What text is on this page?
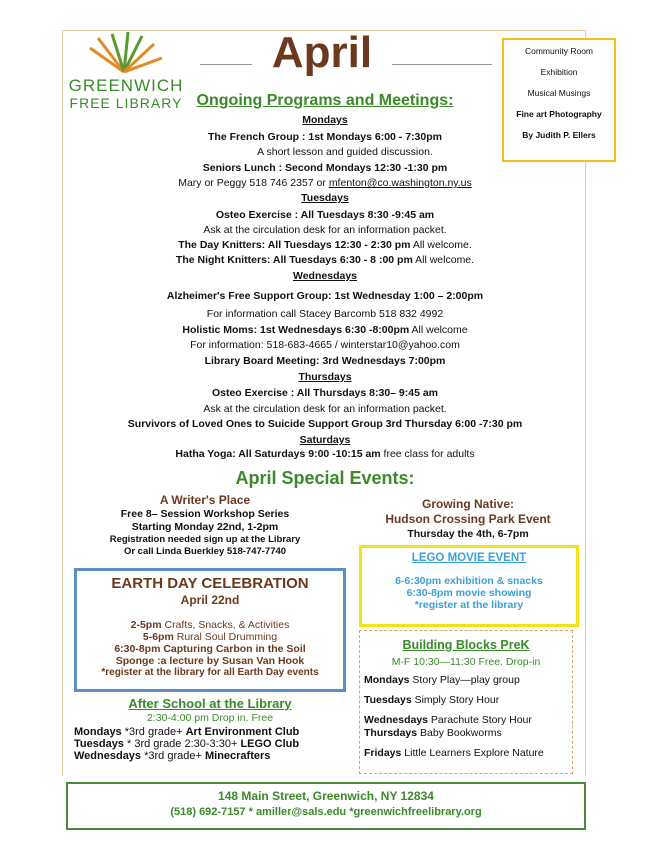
GREENWICH
FREE LIBRARY
April	Community Room
Exhibition
Musical Musings
Fine art Photography
By Judith P. Ellers
Ongoing Programs and Meetings:
Mondays
The French Group : 1st Mondays 6:00 - 7:30pm
A short lesson and guided discussion.
Seniors Lunch : Second Mondays 12:30 -1:30 pm
Mary or Peggy 518 746 2357 or mfenton@co.washington.ny.us
Tuesdays
Osteo Exercise : All Tuesdays 8:30 -9:45 am
Ask at the circulation desk for an information packet.
The Day Knitters: All Tuesdays 12:30 - 2:30 pm All welcome.
The Night Knitters: All Tuesdays 6:30 - 8 :00 pm All welcome.
Wednesdays
Alzheimer's Free Support Group: 1st Wednesday 1:00 – 2:00pm
For information call Stacey Barcomb 518 832 4992
Holistic Moms: 1st Wednesdays 6:30 -8:00pm All welcome
For information: 518-683-4665 / winterstar10@yahoo.com
Library Board Meeting: 3rd Wednesdays 7:00pm
Thursdays
Osteo Exercise : All Thursdays 8:30– 9:45 am
Ask at the circulation desk for an information packet.
Survivors of Loved Ones to Suicide Support Group 3rd Thursday 6:00 -7:30 pm
Saturdays
Hatha Yoga: All Saturdays 9:00 -10:15 am free class for adults
April Special Events:
A Writer's Place
Free 8– Session Workshop Series
Starting Monday 22nd, 1-2pm
Registration needed sign up at the Library
Or call Linda Buerkley 518-747-7740
Growing Native:
Hudson Crossing Park Event
Thursday the 4th, 6-7pm
EARTH DAY CELEBRATION
April 22nd
2-5pm Crafts, Snacks, & Activities
5-6pm Rural Soul Drumming
6:30-8pm Capturing Carbon in the Soil
Sponge :a lecture by Susan Van Hook
*register at the library for all Earth Day events
LEGO MOVIE EVENT
6-6:30pm exhibition & snacks
6:30-8pm movie showing
*register at the library
After School at the Library
2:30-4:00 pm Drop in. Free
Mondays *3rd grade+ Art Environment Club
Tuesdays * 3rd grade 2:30-3:30+ LEGO Club
Wednesdays *3rd grade+ Minecrafters
Building Blocks PreK
M-F 10:30—11:30 Free. Drop-in
Mondays Story Play—play group
Tuesdays Simply Story Hour
Wednesdays Parachute Story Hour
Thursdays Baby Bookworms
Fridays Little Learners Explore Nature
148 Main Street, Greenwich, NY 12834
(518) 692-7157 * amiller@sals.edu *greenwichfreelibrary.org
